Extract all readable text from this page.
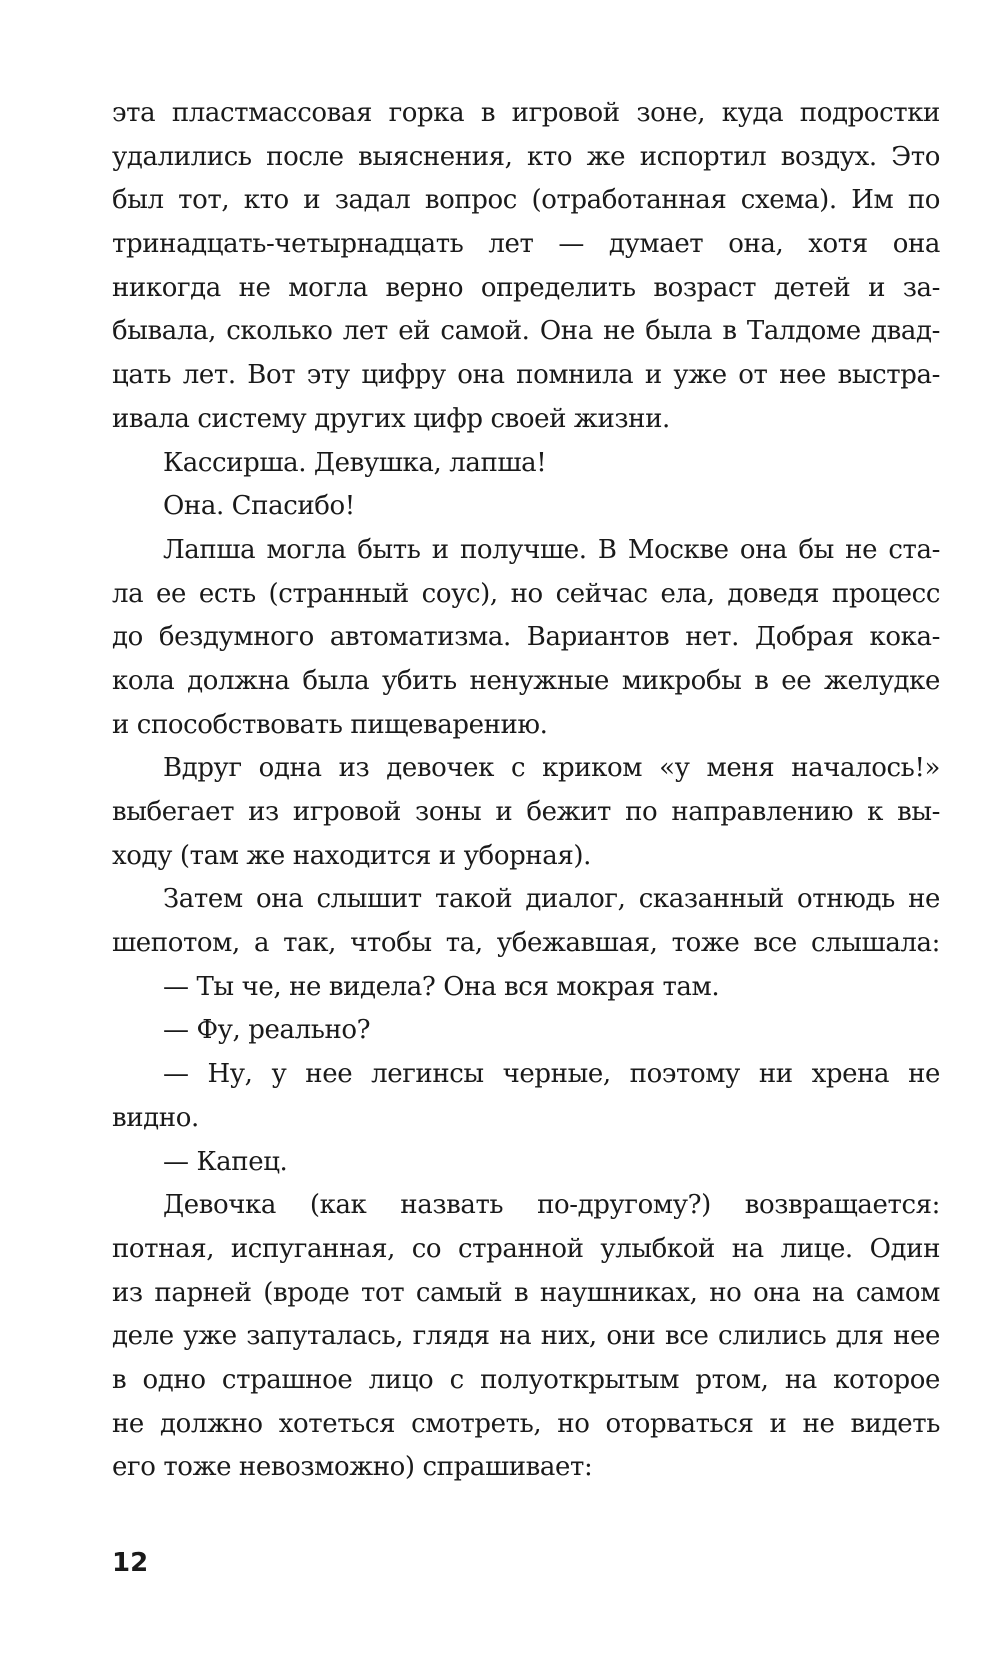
эта пластмассовая горка в игровой зоне, куда подростки
удалились после выяснения, кто же испортил воздух. Это
был тот, кто и задал вопрос (отработанная схема). Им по
тринадцать-четырнадцать лет — думает она, хотя она
никогда не могла верно определить возраст детей и за-
бывала, сколько лет ей самой. Она не была в Талдоме двад-
цать лет. Вот эту цифру она помнила и уже от нее выстра-
ивала систему других цифр своей жизни.
Кассирша. Девушка, лапша!
Она. Спасибо!
Лапша могла быть и получше. В Москве она бы не ста-
ла ее есть (странный соус), но сейчас ела, доведя процесс
до бездумного автоматизма. Вариантов нет. Добрая кока-
кола должна была убить ненужные микробы в ее желудке
и способствовать пищеварению.
Вдруг одна из девочек с криком «у меня началось!»
выбегает из игровой зоны и бежит по направлению к вы-
ходу (там же находится и уборная).
Затем она слышит такой диалог, сказанный отнюдь не
шепотом, а так, чтобы та, убежавшая, тоже все слышала:
— Ты че, не видела? Она вся мокрая там.
— Фу, реально?
— Ну, у нее легинсы черные, поэтому ни хрена не
видно.
— Капец.
Девочка (как назвать по-другому?) возвращается:
потная, испуганная, со странной улыбкой на лице. Один
из парней (вроде тот самый в наушниках, но она на самом
деле уже запуталась, глядя на них, они все слились для нее
в одно страшное лицо с полуоткрытым ртом, на которое
не должно хотеться смотреть, но оторваться и не видеть
его тоже невозможно) спрашивает:
12
